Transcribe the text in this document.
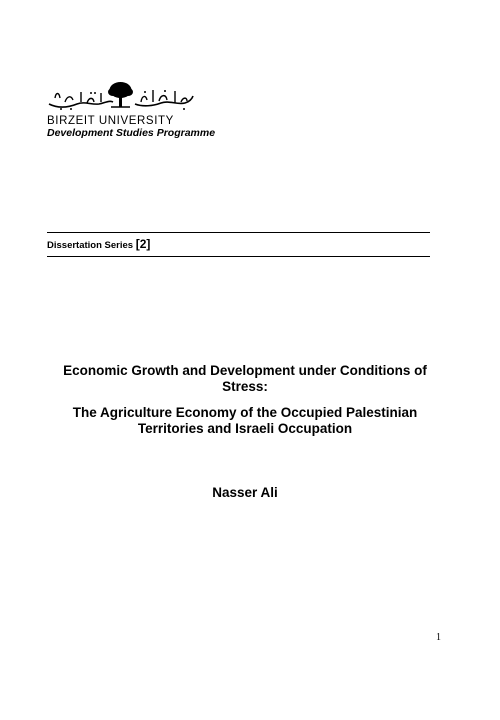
BIRZEIT UNIVERSITY
Development Studies Programme
Dissertation Series [2]
Economic Growth and Development under Conditions of Stress:
The Agriculture Economy of the Occupied Palestinian Territories and Israeli Occupation
Nasser Ali
1
